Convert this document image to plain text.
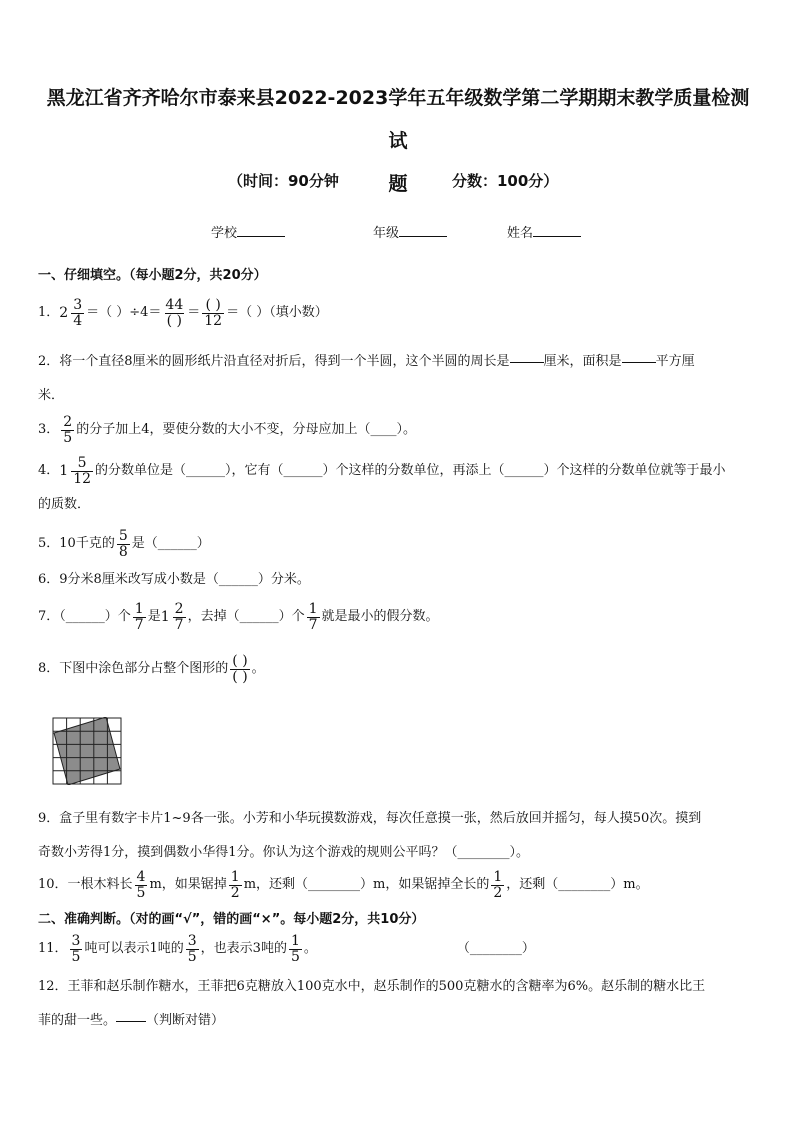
黑龙江省齐齐哈尔市泰来县2022-2023学年五年级数学第二学期期末教学质量检测试
题
（时间：90分钟	分数：100分）
学校	年级	姓名
一、仔细填空。（每小题2分，共20分）
1． $2 \frac{3}{4}$ ＝（ ）$\div 4= \frac{44}{( )} = \frac{( )}{12}$ ＝（ ）（填小数）
2．将一个直径8厘米的圆形纸片沿直径对折后，得到一个半圆，这个半圆的周长是	厘米，面积是	平方厘
米．
3． $\frac{2}{5}$ 的分子加上4，要使分数的大小不变，分母应加上（____）。
4． $1 \frac{5}{12}$ 的分数单位是（______），它有（______）个这样的分数单位，再添上（______）个这样的分数单位就等于最小
的质数．
5．10千克的 $\frac{5}{8}$ 是（______）
6．9分米8厘米改写成小数是（______）分米。
7．（______）个 $\frac{1}{7}$ 是 $1 \frac{2}{7}$ ，去掉（______）个 $\frac{1}{7}$ 就是最小的假分数。
8．下图中涂色部分占整个图形的 $\frac{( )}{( )}$ 。
9．盒子里有数字卡片1~9各一张。小芳和小华玩摸数游戏，每次任意摸一张，然后放回并摇匀，每人摸50次。摸到
奇数小芳得1分，摸到偶数小华得1分。你认为这个游戏的规则公平吗？（________）。
10．一根木料长 $\frac{4}{5}$ m，如果锯掉 $\frac{1}{2}$ m，还剩（________）m，如果锯掉全长的 $\frac{1}{2}$ ，还剩（________）m。
二、准确判断。（对的画“√”，错的画“×”。每小题2分，共10分）
11． $\frac{3}{5}$ 吨可以表示1吨的 $\frac{3}{5}$ ，也表示3吨的 $\frac{1}{5}$ 。	（________）
12．王菲和赵乐制作糖水，王菲把6克糖放入100克水中，赵乐制作的500克糖水的含糖率为6%。赵乐制的糖水比王
菲的甜一些。 （判断对错）
